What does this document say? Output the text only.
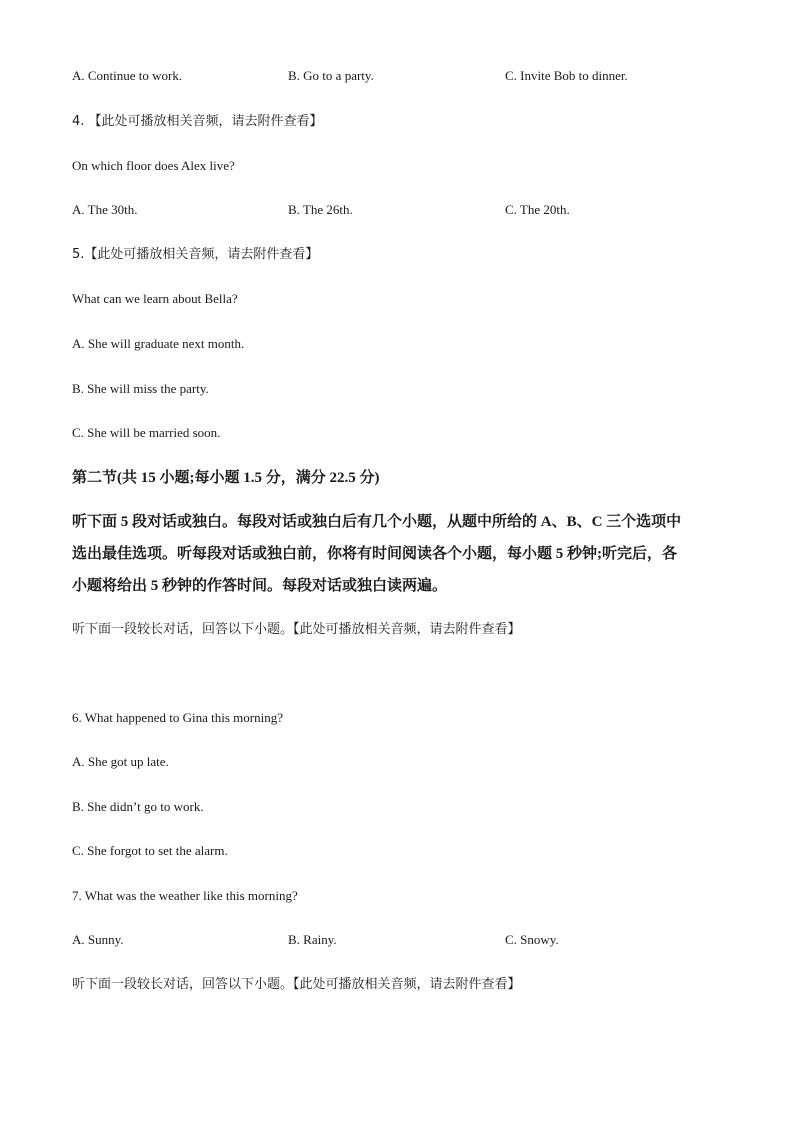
A. Continue to work.	B. Go to a party.	C. Invite Bob to dinner.
4. 【此处可播放相关音频，请去附件查看】
On which floor does Alex live?
A. The 30th.	B. The 26th.	C. The 20th.
5.【此处可播放相关音频，请去附件查看】
What can we learn about Bella?
A. She will graduate next month.
B. She will miss the party.
C. She will be married soon.
第二节(共 15 小题;每小题 1.5 分，满分 22.5 分)
听下面 5 段对话或独白。每段对话或独白后有几个小题，从题中所给的 A、B、C 三个选项中
选出最佳选项。听每段对话或独白前，你将有时间阅读各个小题，每小题 5 秒钟;听完后，各
小题将给出 5 秒钟的作答时间。每段对话或独白读两遍。
听下面一段较长对话，回答以下小题。【此处可播放相关音频，请去附件查看】
6. What happened to Gina this morning?
A. She got up late.
B. She didn’t go to work.
C. She forgot to set the alarm.
7. What was the weather like this morning?
A. Sunny.	B. Rainy.	C. Snowy.
听下面一段较长对话，回答以下小题。【此处可播放相关音频，请去附件查看】
